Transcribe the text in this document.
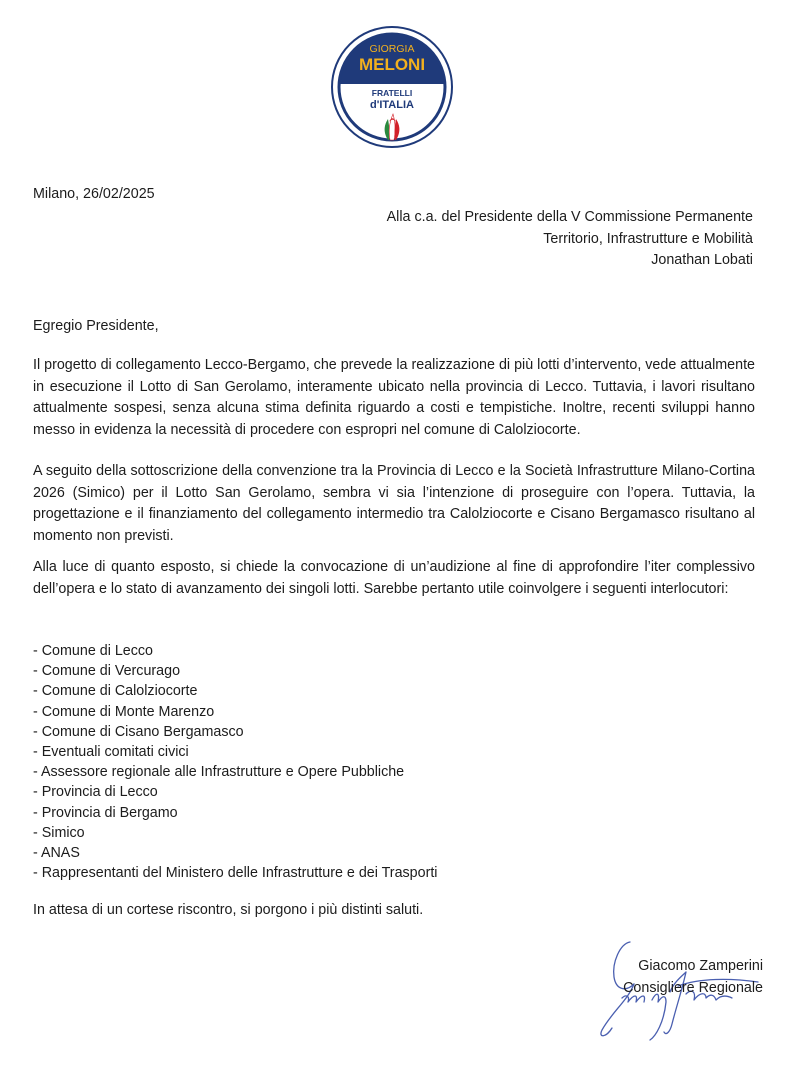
GIORGIA
MELONI
FRATELLI
d'ITALIA
Milano, 26/02/2025
Alla c.a. del Presidente della V Commissione Permanente
Territorio, Infrastrutture e Mobilità
Jonathan Lobati
Egregio Presidente,
Il progetto di collegamento Lecco-Bergamo, che prevede la realizzazione di più lotti d’intervento, vede attualmente in esecuzione il Lotto di San Gerolamo, interamente ubicato nella provincia di Lecco. Tuttavia, i lavori risultano attualmente sospesi, senza alcuna stima definita riguardo a costi e tempistiche. Inoltre, recenti sviluppi hanno messo in evidenza la necessità di procedere con espropri nel comune di Calolziocorte.
A seguito della sottoscrizione della convenzione tra la Provincia di Lecco e la Società Infrastrutture Milano-Cortina 2026 (Simico) per il Lotto San Gerolamo, sembra vi sia l’intenzione di proseguire con l’opera. Tuttavia, la progettazione e il finanziamento del collegamento intermedio tra Calolziocorte e Cisano Bergamasco risultano al momento non previsti.
Alla luce di quanto esposto, si chiede la convocazione di un’audizione al fine di approfondire l’iter complessivo dell’opera e lo stato di avanzamento dei singoli lotti. Sarebbe pertanto utile coinvolgere i seguenti interlocutori:
- Comune di Lecco
- Comune di Vercurago
- Comune di Calolziocorte
- Comune di Monte Marenzo
- Comune di Cisano Bergamasco
- Eventuali comitati civici
- Assessore regionale alle Infrastrutture e Opere Pubbliche
- Provincia di Lecco
- Provincia di Bergamo
- Simico
- ANAS
- Rappresentanti del Ministero delle Infrastrutture e dei Trasporti
In attesa di un cortese riscontro, si porgono i più distinti saluti.
Giacomo Zamperini
Consigliere Regionale
